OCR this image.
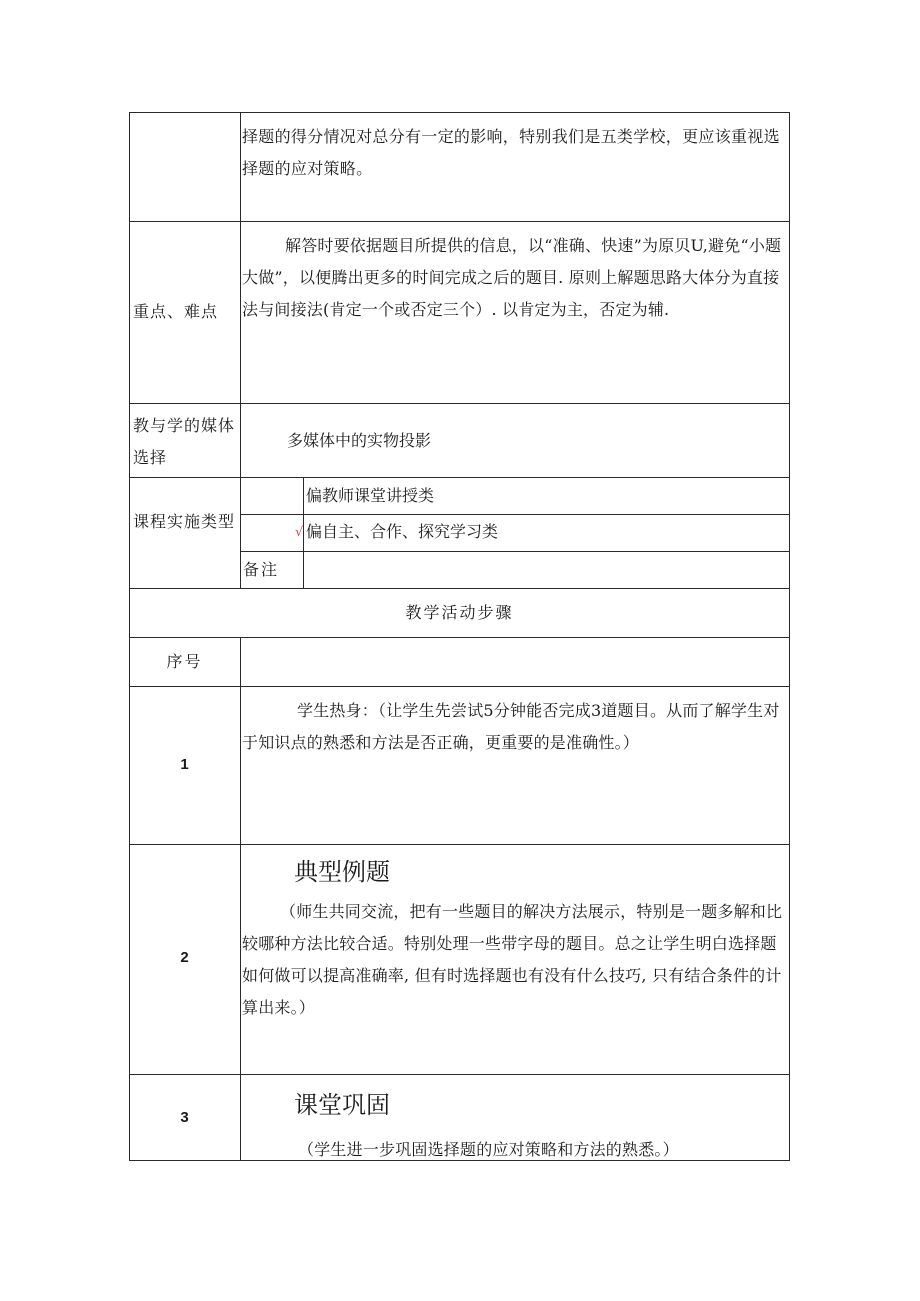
择题的得分情况对总分有一定的影响，特别我们是五类学校，更应该重视选择题的应对策略。
重点、难点
解答时要依据题目所提供的信息，以“准确、快速”为原贝U,避免“小题大做”，以便腾出更多的时间完成之后的题目. 原则上解题思路大体分为直接法与间接法(肯定一个或否定三个）. 以肯定为主，否定为辅.
教与学的媒体选择
多媒体中的实物投影
课程实施类型
偏教师课堂讲授类
√ 偏自主、合作、探究学习类
备注
教学活动步骤
序号
1
学生热身：（让学生先尝试5分钟能否完成3道题目。从而了解学生对于知识点的熟悉和方法是否正确，更重要的是准确性。）
2
典型例题
（师生共同交流，把有一些题目的解决方法展示，特别是一题多解和比较哪种方法比较合适。特别处理一些带字母的题目。总之让学生明白选择题如何做可以提高准确率, 但有时选择题也有没有什么技巧, 只有结合条件的计算出来。）
3	课堂巩固
（学生进一步巩固选择题的应对策略和方法的熟悉。）
